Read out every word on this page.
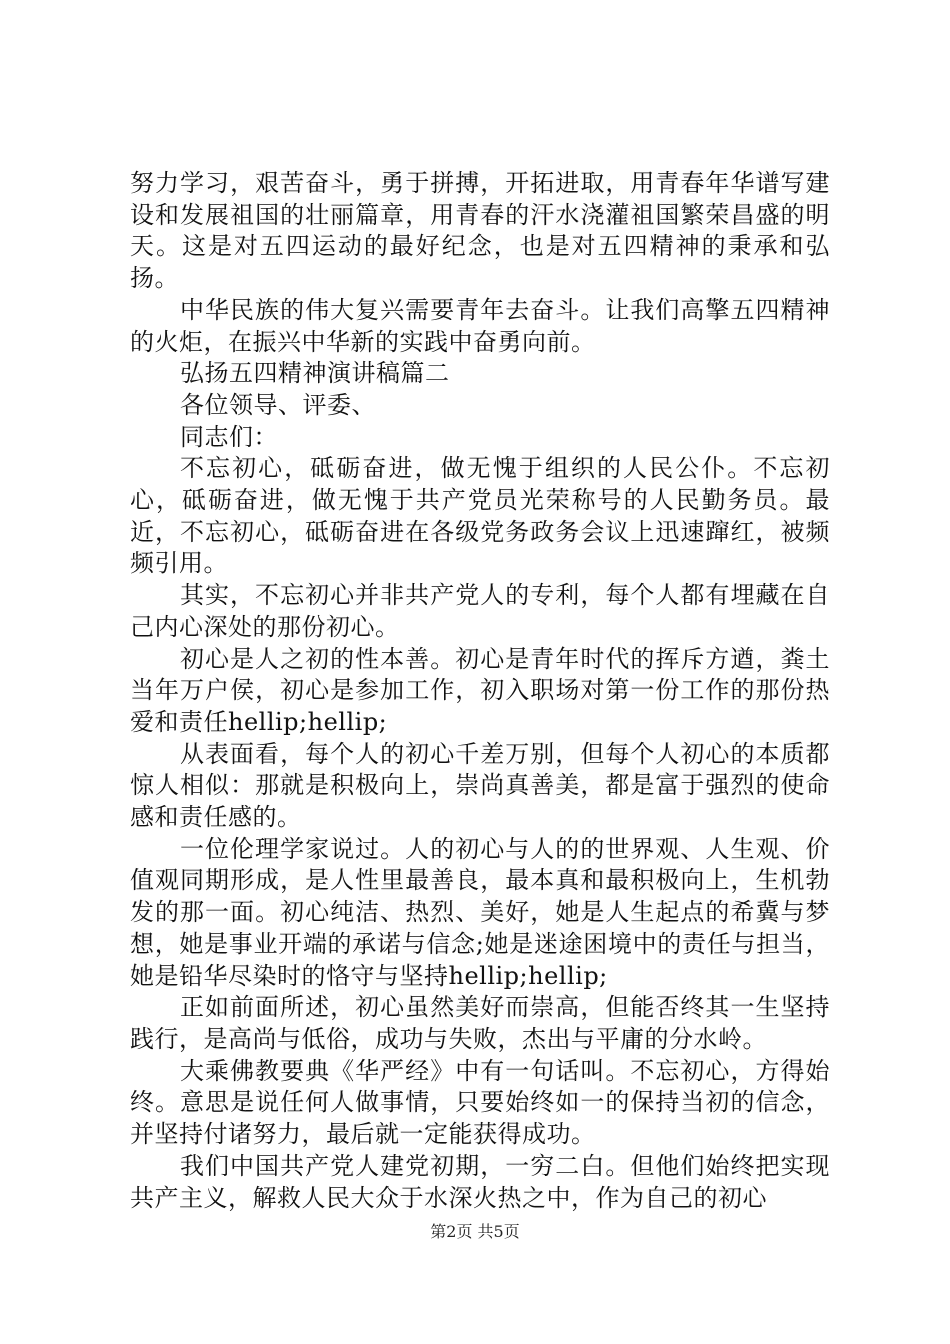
努力学习，艰苦奋斗，勇于拼搏，开拓进取，用青春年华谱写建设和发展祖国的壮丽篇章，用青春的汗水浇灌祖国繁荣昌盛的明天。这是对五四运动的最好纪念，也是对五四精神的秉承和弘扬。

中华民族的伟大复兴需要青年去奋斗。让我们高擎五四精神的火炬，在振兴中华新的实践中奋勇向前。

弘扬五四精神演讲稿篇二

各位领导、评委、

同志们：

不忘初心，砥砺奋进，做无愧于组织的人民公仆。不忘初心，砥砺奋进，做无愧于共产党员光荣称号的人民勤务员。最近，不忘初心，砥砺奋进在各级党务政务会议上迅速蹿红，被频频引用。

其实，不忘初心并非共产党人的专利，每个人都有埋藏在自己内心深处的那份初心。

初心是人之初的性本善。初心是青年时代的挥斥方遒，粪土当年万户侯，初心是参加工作，初入职场对第一份工作的那份热爱和责任hellip;hellip;

从表面看，每个人的初心千差万别，但每个人初心的本质都惊人相似：那就是积极向上，崇尚真善美，都是富于强烈的使命感和责任感的。

一位伦理学家说过。人的初心与人的的世界观、人生观、价值观同期形成，是人性里最善良，最本真和最积极向上，生机勃发的那一面。初心纯洁、热烈、美好，她是人生起点的希冀与梦想，她是事业开端的承诺与信念;她是迷途困境中的责任与担当，她是铅华尽染时的恪守与坚持hellip;hellip;

正如前面所述，初心虽然美好而崇高，但能否终其一生坚持践行，是高尚与低俗，成功与失败，杰出与平庸的分水岭。

大乘佛教要典《华严经》中有一句话叫。不忘初心，方得始终。意思是说任何人做事情，只要始终如一的保持当初的信念，并坚持付诸努力，最后就一定能获得成功。

我们中国共产党人建党初期，一穷二白。但他们始终把实现共产主义，解救人民大众于水深火热之中，作为自己的初心

第2页 共5页
